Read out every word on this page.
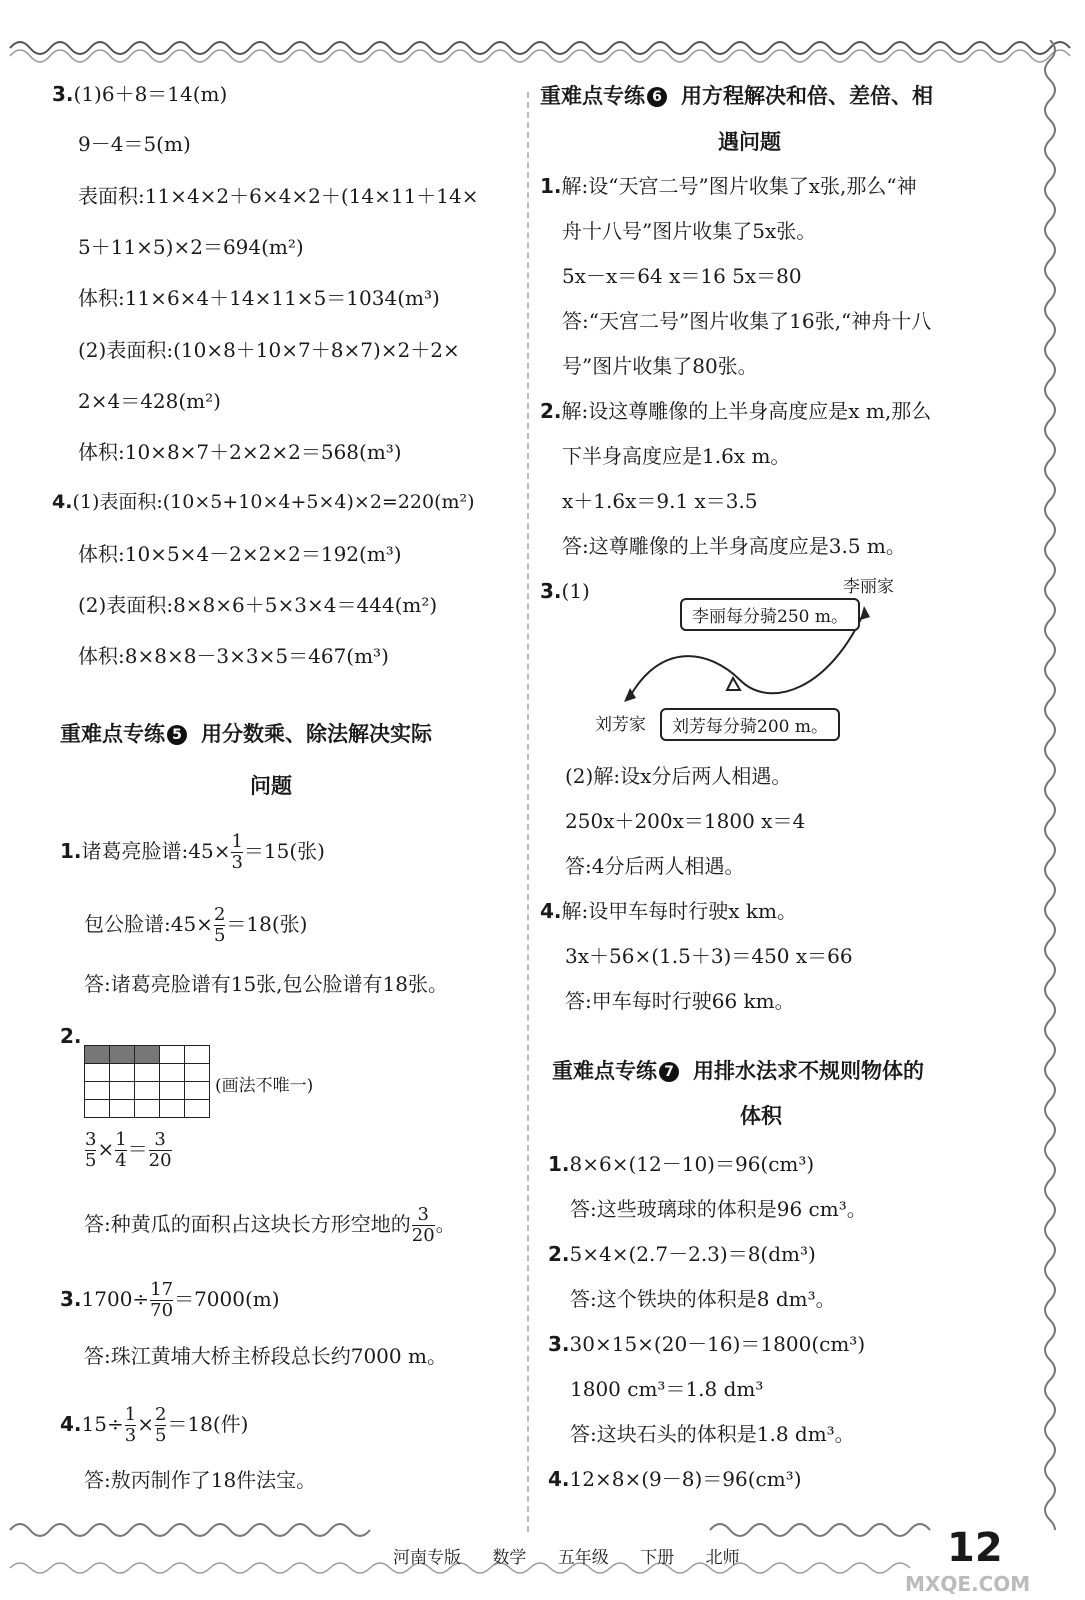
3.(1)6＋8＝14(m)
9－4＝5(m)
表面积:11×4×2＋6×4×2＋(14×11＋14×
5＋11×5)×2＝694(m²)
体积:11×6×4＋14×11×5＝1034(m³)
(2)表面积:(10×8＋10×7＋8×7)×2＋2×
2×4＝428(m²)
体积:10×8×7＋2×2×2＝568(m³)
4.(1)表面积:(10×5+10×4+5×4)×2=220(m²)
体积:10×5×4－2×2×2＝192(m³)
(2)表面积:8×8×6＋5×3×4＝444(m²)
体积:8×8×8－3×3×5＝467(m³)
重难点专练 5 用分数乘、除法解决实际
问题
1.诸葛亮脸谱:45× $\frac{1}{3} =15$(张)
包公脸谱:45× $\frac{2}{5} =18$(张)
答:诸葛亮脸谱有15张,包公脸谱有18张。
2.

(画法不唯一)
$\frac{3}{5} \times \frac{1}{4} = \frac{3}{20}$
答:种黄瓜的面积占这块长方形空地的 $\frac{3}{20}$ 。
$3.1700\div \frac{17}{70} =7000(m)$
答:珠江黄埔大桥主桥段总长约7000 m。
$4.15\div \frac{1}{3} \times \frac{2}{5} =18$(件)
答:敖丙制作了18件法宝。
重难点专练 6 用方程解决和倍、差倍、相
遇问题
1.解:设“天宫二号”图片收集了x张,那么“神
舟十八号”图片收集了5x张。
5x－x＝64 x＝16 5x＝80
答:“天宫二号”图片收集了16张,“神舟十八
号”图片收集了80张。
2.解:设这尊雕像的上半身高度应是x m,那么
下半身高度应是1.6x m。
x＋1.6x＝9.1 x＝3.5
答:这尊雕像的上半身高度应是3.5 m。
3.(1)	李丽家
李丽每分骑250 m。
刘芳家	刘芳每分骑200 m。
(2)解:设x分后两人相遇。
250x＋200x＝1800 x＝4
答:4分后两人相遇。
4.解:设甲车每时行驶x km。
3x＋56×(1.5＋3)＝450 x＝66
答:甲车每时行驶66 km。
重难点专练 7 用排水法求不规则物体的
体积
1.8×6×(12－10)＝96(cm³)
答:这些玻璃球的体积是96 cm³。
2.5×4×(2.7－2.3)＝8(dm³)
答:这个铁块的体积是8 dm³。
3.30×15×(20－16)＝1800(cm³)
1800 cm³＝1.8 dm³
答:这块石头的体积是1.8 dm³。
4.12×8×(9－8)＝96(cm³)
河南专版 数学 五年级 下册 北师	12
MXQE.COM
